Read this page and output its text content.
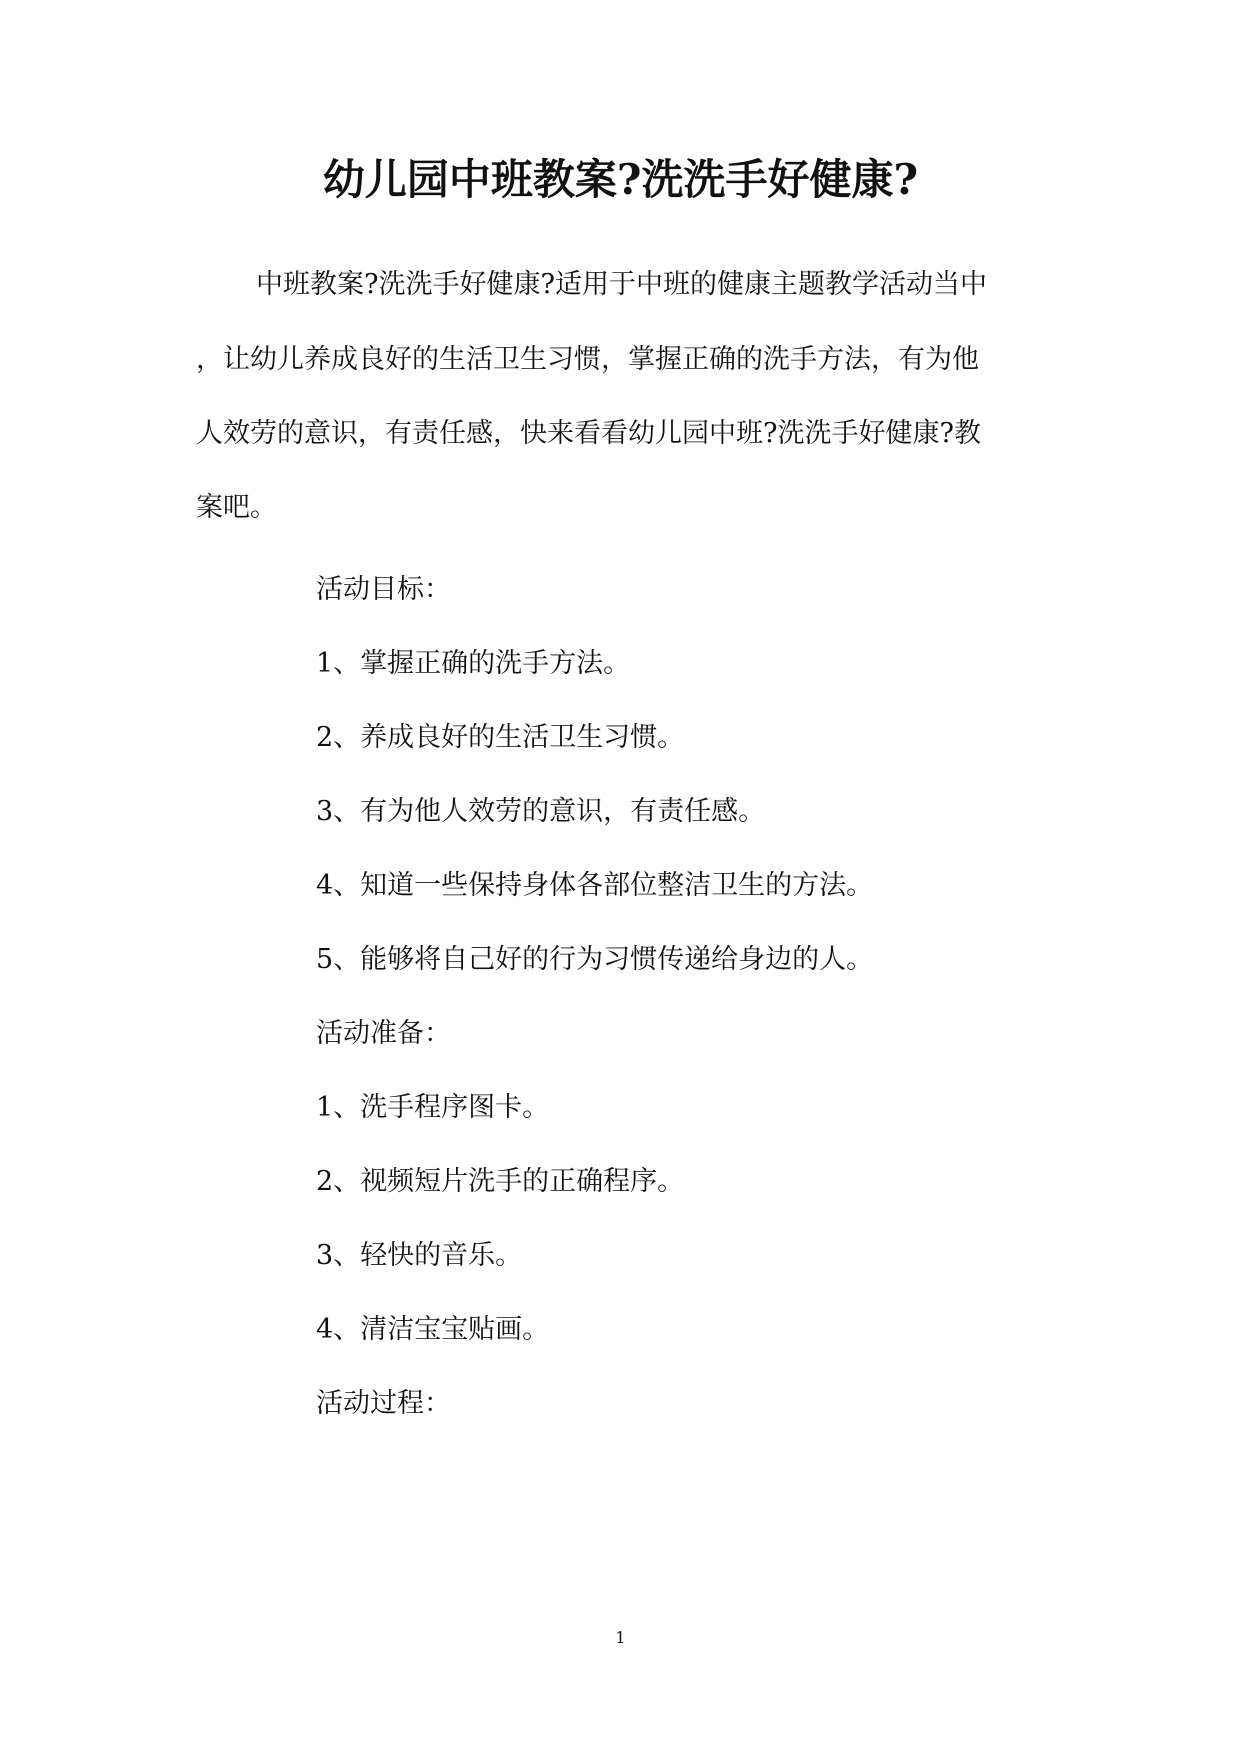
幼儿园中班教案?洗洗手好健康?

中班教案?洗洗手好健康?适用于中班的健康主题教学活动当中

，让幼儿养成良好的生活卫生习惯，掌握正确的洗手方法，有为他

人效劳的意识，有责任感，快来看看幼儿园中班?洗洗手好健康?教

案吧。

活动目标：

1、掌握正确的洗手方法。

2、养成良好的生活卫生习惯。

3、有为他人效劳的意识，有责任感。

4、知道一些保持身体各部位整洁卫生的方法。

5、能够将自己好的行为习惯传递给身边的人。

活动准备：

1、洗手程序图卡。

2、视频短片洗手的正确程序。

3、轻快的音乐。

4、清洁宝宝贴画。

活动过程：

1
